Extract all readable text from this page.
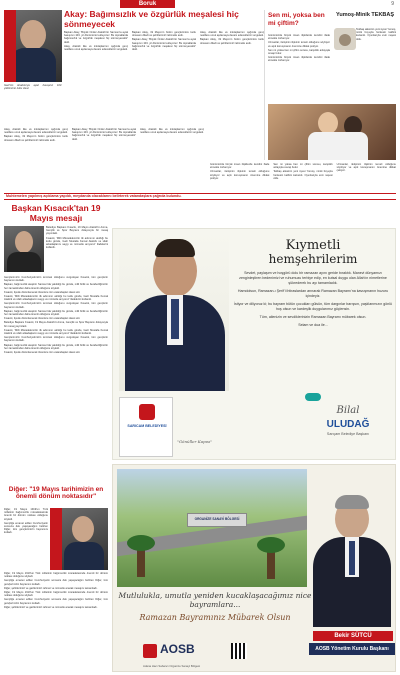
Boruk	9
Akay: Bağımsızlık ve özgürlük meşalesi hiç sönmeyecek
Gazi'nin Anadolu'ya ayak basışının 103. yıldönümü kutlu olsun

Başkan Akay, 'Büyük Önder Atatürk'ün Samsun'a ayak basışının 103. yıl dönümünü kutluyoruz. Bu topraklarda bağımsızlık ve özgürlük meşalesi hiç sönmeyecektir' dedi.

Akay, Atatürk ilke ve inkılaplarının ışığında genç nesillere umut aşılamaya devam edeceklerini vurguladı.

Başkan Akay, 19 Mayıs'ın bütün gençlerimize kutlu olmasını diledi ve şehitlerimizi rahmetle andı.

Başkan Akay, 'Büyük Önder Atatürk'ün Samsun'a ayak basışının 103. yıl dönümünü kutluyoruz. Bu topraklarda bağımsızlık ve özgürlük meşalesi hiç sönmeyecektir' dedi.

Akay, Atatürk ilke ve inkılaplarının ışığında genç nesillere umut aşılamaya devam edeceklerini vurguladı.

Başkan Akay, 19 Mayıs'ın bütün gençlerimize kutlu olmasını diledi ve şehitlerimizi rahmetle andı.

Sen mi, yoksa ben mi çiftim?

Günümüzde birçok insan ilişkilerde kendini ifade etmekte zorlanıyor.

Uzmanlar, iletişimin ilişkinin temeli olduğunu söylüyor ve açık konuşmanın önemine dikkat çekiyor.

Sen mi yoksa ben mi çiftim sorusu, karşılıklı anlayışla cevap bulur.

Günümüzde birçok insan ilişkilerde kendini ifade etmekte zorlanıyor.

Yumoş-Minik TEKBAŞ
Tekbaş ailesinin yeni üyesi Yumoş, minik boyuyla herkesin kalbini kazandı. Oyunlarıyla evin neşesi oldu.

Günümüzde birçok insan ilişkilerde kendini ifade etmekte zorlanıyor.

Uzmanlar, iletişimin ilişkinin temeli olduğunu söylüyor ve açık konuşmanın önemine dikkat çekiyor.

Sen mi yoksa ben mi çiftim sorusu, karşılıklı anlayışla cevap bulur.

Tekbaş ailesinin yeni üyesi Yumoş, minik boyuyla herkesin kalbini kazandı. Oyunlarıyla evin neşesi oldu.

Uzmanlar, iletişimin ilişkinin temeli olduğunu söylüyor ve açık konuşmanın önemine dikkat çekiyor.

Akay, Atatürk ilke ve inkılaplarının ışığında genç nesillere umut aşılamaya devam edeceklerini vurguladı.

Başkan Akay, 19 Mayıs'ın bütün gençlerimize kutlu olmasını diledi ve şehitlerimizi rahmetle andı.

Başkan Akay, 'Büyük Önder Atatürk'ün Samsun'a ayak basışının 103. yıl dönümünü kutluyoruz. Bu topraklarda bağımsızlık ve özgürlük meşalesi hiç sönmeyecektir' dedi.

Akay, Atatürk ilke ve inkılaplarının ışığında genç nesillere umut aşılamaya devam edeceklerini vurguladı.

Muhtemelen yapılmış açıklama yapıldı, meydanda olacaklarını belirterek vatandaşlara çağrıda bulundu.
Başkan Kısacık'tan 19 Mayıs mesajı

Belediye Başkanı Kısacık, 19 Mayıs Atatürk'ü Anma, Gençlik ve Spor Bayramı dolayısıyla bir mesaj yayımladı.

Kısacık, 'Milli Mücadelemizin ilk adımının atıldığı bu kutlu günde, Gazi Mustafa Kemal Atatürk ve silah arkadaşlarını saygı ve minnetle anıyoruz' ifadelerini kullandı.

Gençlerimizin Cumhuriyetimizin teminatı olduğunu vurgulayan Kısacık, tüm gençlerin bayramını kutladı.

Başkan, bağımsızlık ateşinin Samsun'da yakıldığı bu günde, milli birlik ve beraberliğimizin her zamankinden daha önemli olduğunu söyledi.

Kısacık, ilçede düzenlenecek törenlere tüm vatandaşları davet etti.

Kısacık, 'Milli Mücadelemizin ilk adımının atıldığı bu kutlu günde, Gazi Mustafa Kemal Atatürk ve silah arkadaşlarını saygı ve minnetle anıyoruz' ifadelerini kullandı.

Gençlerimizin Cumhuriyetimizin teminatı olduğunu vurgulayan Kısacık, tüm gençlerin bayramını kutladı.

Başkan, bağımsızlık ateşinin Samsun'da yakıldığı bu günde, milli birlik ve beraberliğimizin her zamankinden daha önemli olduğunu söyledi.

Kısacık, ilçede düzenlenecek törenlere tüm vatandaşları davet etti.

Belediye Başkanı Kısacık, 19 Mayıs Atatürk'ü Anma, Gençlik ve Spor Bayramı dolayısıyla bir mesaj yayımladı.

Kısacık, 'Milli Mücadelemizin ilk adımının atıldığı bu kutlu günde, Gazi Mustafa Kemal Atatürk ve silah arkadaşlarını saygı ve minnetle anıyoruz' ifadelerini kullandı.

Gençlerimizin Cumhuriyetimizin teminatı olduğunu vurgulayan Kısacık, tüm gençlerin bayramını kutladı.

Başkan, bağımsızlık ateşinin Samsun'da yakıldığı bu günde, milli birlik ve beraberliğimizin her zamankinden daha önemli olduğunu söyledi.

Kısacık, ilçede düzenlenecek törenlere tüm vatandaşları davet etti.

Diğer: "19 Mayıs tarihimizin en önemli dönüm noktasıdır"

Diğer, 19 Mayıs 1919'un Türk milletinin bağımsızlık mücadelesinde önemli bir dönüm noktası olduğunu söyledi.

Gençliğe emanet edilen Cumhuriyetin sonsuza dek yaşayacağını belirten Diğer, tüm gençlerimizin bayramını kutladı.

Diğer, 19 Mayıs 1919'un Türk milletinin bağımsızlık mücadelesinde önemli bir dönüm noktası olduğunu söyledi.

Gençliğe emanet edilen Cumhuriyetin sonsuza dek yaşayacağını belirten Diğer, tüm gençlerimizin bayramını kutladı.

Diğer, şehitlerimizi ve gazilerimizi rahmet ve minnetle anarak mesajını tamamladı.

Diğer, 19 Mayıs 1919'un Türk milletinin bağımsızlık mücadelesinde önemli bir dönüm noktası olduğunu söyledi.

Gençliğe emanet edilen Cumhuriyetin sonsuza dek yaşayacağını belirten Diğer, tüm gençlerimizin bayramını kutladı.

Diğer, şehitlerimizi ve gazilerimizi rahmet ve minnetle anarak mesajını tamamladı.

SARICAM BELEDİYESİ
"Gönüller Kapısı"
Kıymetli
hemşehrilerim

Sevdet, paylaşım ve hoşgörü dolu bir ramazan ayını geride bıraktık. Manevi dünyamızı zenginleştiren bedenimizi ve ruhumuzu terbiye edip, en kutsal duygu olan Allah'ın nimetlerine şükrederek bu ayı tamamladık.

Hamdolsun, Ramazan-ı Şerif'i ihtiraslardan arınarak Ramazan Bayramı'na kavuşmanın huzuru içindeyiz.

İstiyor ve diliyoruz ki; bu bayram bütün çocukları gülsün, tüm dargınlar barışsın, yaşlılarımızın gönlü hoş olsun ve kardeşlik duygularımız güçlensin.

Tüm, ailenizin ve sevdiklerinizin Ramazan Bayramı mübarek olsun.

Selam ve dua ile...

Bilal
ULUDAĞ
Sarıçam Belediye Başkanı
ORGANİZE SANAYİ BÖLGESİ
Mutlulukla, umutla yeniden kucaklaşacağımız nice bayramlara...
Ramazan Bayramınız Mübarek Olsun
AOSB
Adana Hacı Sabancı Organize Sanayi Bölgesi
Bekir SÜTCÜ
AOSB Yönetim Kurulu Başkanı
